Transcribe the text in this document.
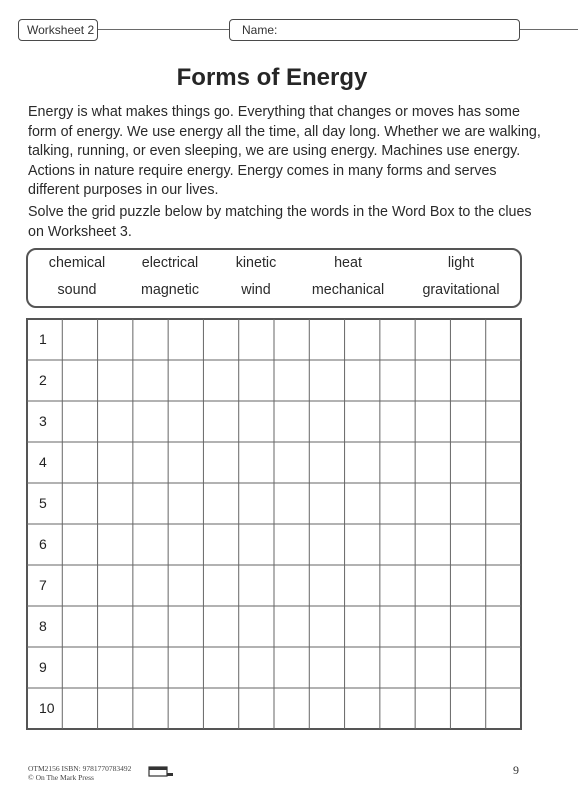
Worksheet 2	Name:
Forms of Energy
Energy is what makes things go. Everything that changes or moves has some form of energy. We use energy all the time, all day long. Whether we are walking, talking, running, or even sleeping, we are using energy. Machines use energy. Actions in nature require energy. Energy comes in many forms and serves different purposes in our lives.
Solve the grid puzzle below by matching the words in the Word Box to the clues on Worksheet 3.
chemical	electrical	kinetic	heat	light
sound	magnetic	wind	mechanical	gravitational
1
2
3
4
5
6
7
8
9
10
OTM2156 ISBN: 9781770783492
© On The Mark Press
9
